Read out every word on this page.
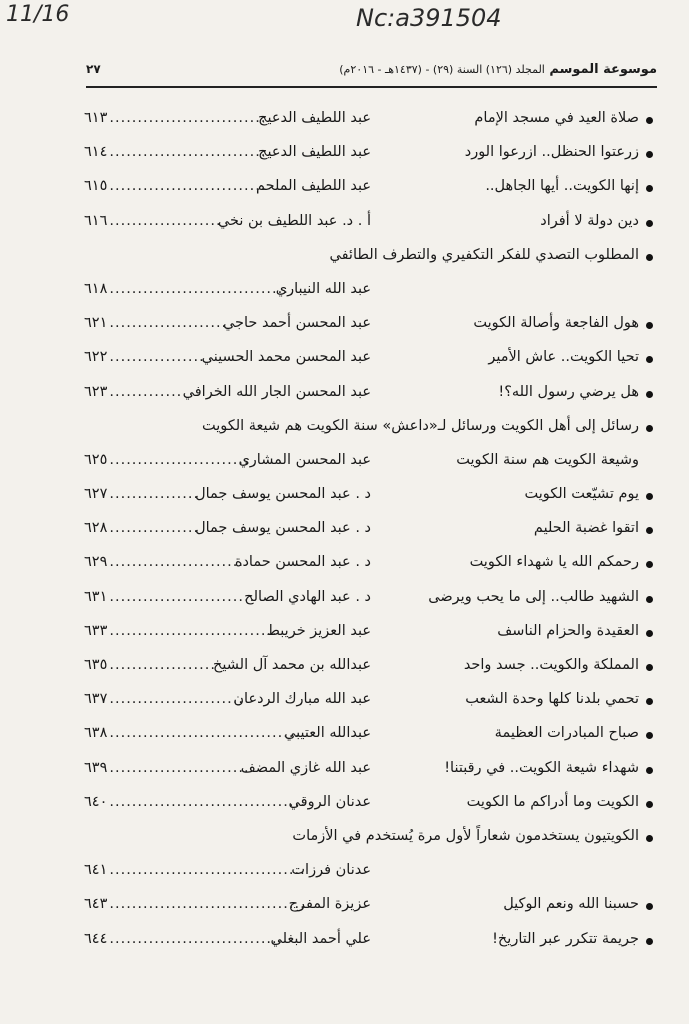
11/16	Nc:a391504
موسوعة الموسم المجلد (١٢٦) السنة (٢٩) - (١٤٣٧هـ - ٢٠١٦م)
٢٧
صلاة العيد في مسجد الإمام
عبد اللطيف الدعيج
٦١٣ ............................
زرعتوا الحنظل.. ازرعوا الورد
عبد اللطيف الدعيج
٦١٤ ............................
إنها الكويت.. أيها الجاهل..
عبد اللطيف الملحم
٦١٥ ............................
دين دولة لا أفراد
أ . د. عبد اللطيف بن نخي
٦١٦ ....................
المطلوب التصدي للفكر التكفيري والتطرف الطائفي
عبد الله النيباري
٦١٨ ................................
هول الفاجعة وأصالة الكويت
عبد المحسن أحمد حاجي
٦٢١ .....................
تحيا الكويت.. عاش الأمير
عبد المحسن محمد الحسيني
٦٢٢ .................
هل يرضي رسول الله؟!
عبد المحسن الجار الله الخرافي
٦٢٣ .............
رسائل إلى أهل الكويت ورسائل لـ«داعش» سنة الكويت هم شيعة الكويت
وشيعة الكويت هم سنة الكويت
عبد المحسن المشاري
٦٢٥ .........................
يوم تشيّعت الكويت
د . عبد المحسن يوسف جمال
٦٢٧ ................
اتقوا غضبة الحليم
د . عبد المحسن يوسف جمال
٦٢٨ ................
رحمكم الله يا شهداء الكويت
د . عبد المحسن حمادة
٦٢٩ ........................
الشهيد طالب.. إلى ما يحب ويرضى
د . عبد الهادي الصالح
٦٣١ ..........................
العقيدة والحزام الناسف
عبد العزيز خريبط
٦٣٣ ..............................
المملكة والكويت.. جسد واحد
عبدالله بن محمد آل الشيخ
٦٣٥ ...................
تحمي بلدنا كلها وحدة الشعب
عبد الله مبارك الردعان
٦٣٧ ........................
صباح المبادرات العظيمة
عبدالله العتيبي
٦٣٨ ..................................
شهداء شيعة الكويت.. في رقبتنا!
عبد الله غازي المضف
٦٣٩ .........................
الكويت وما أدراكم ما الكويت
عدنان الروقي
٦٤٠ ...................................
الكويتيون يستخدمون شعاراً لأول مرة يُستخدم في الأزمات
عدنان فرزات
٦٤١ ...................................
حسبنا الله ونعم الوكيل
عزيزة المفرج
٦٤٣ ...................................
جريمة تتكرر عبر التاريخ!
علي أحمد البغلي
٦٤٤ ...............................
